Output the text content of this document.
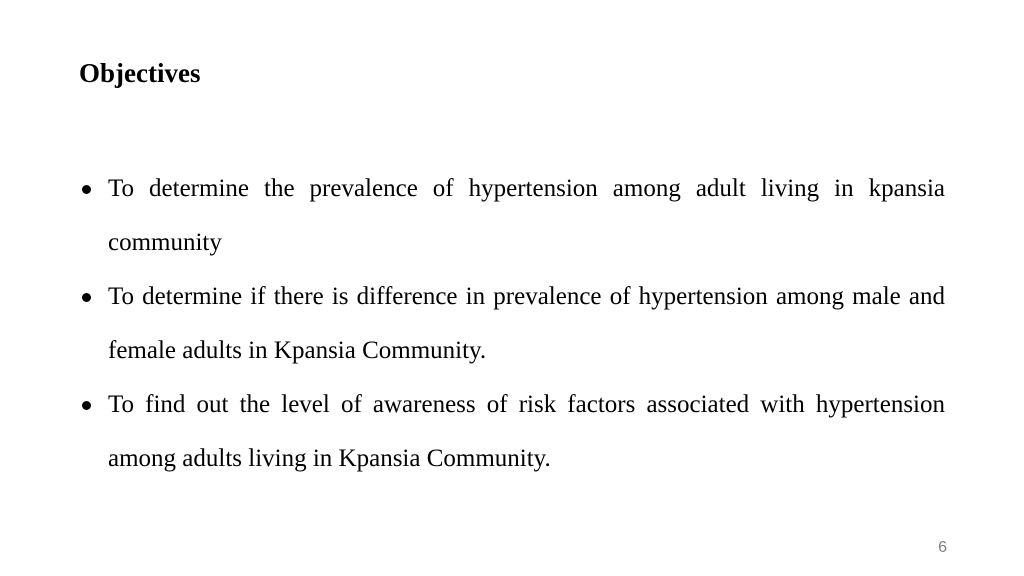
Objectives
To determine the prevalence of hypertension among adult living in kpansia community
To determine if there is difference in prevalence of hypertension among male and female adults in Kpansia Community.
To find out the level of awareness of risk factors associated with hypertension among adults living in Kpansia Community.
6
